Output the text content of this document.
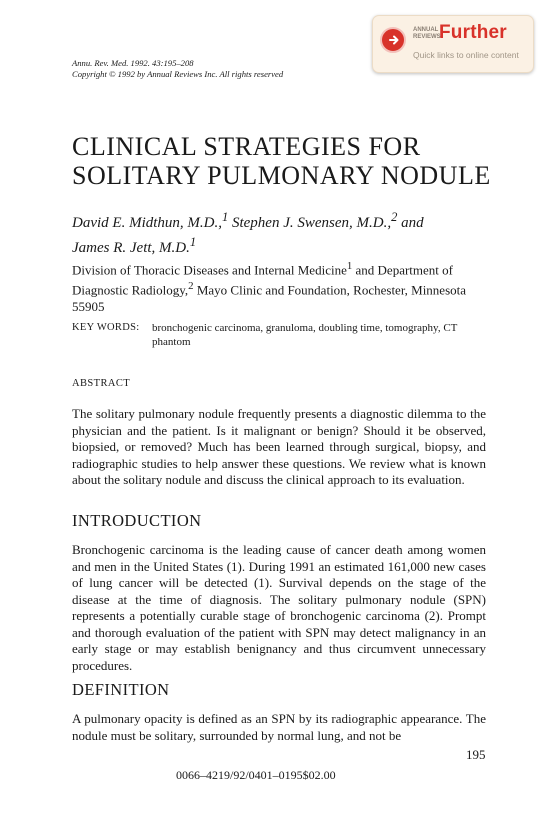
Annu. Rev. Med. 1992. 43:195–208
Copyright © 1992 by Annual Reviews Inc. All rights reserved
ANNUAL REVIEWS
Further
Quick links to online content
CLINICAL STRATEGIES FOR
SOLITARY PULMONARY NODULE
David E. Midthun, M.D.,$^1$ Stephen J. Swensen, M.D.,$^2$ and
James R. Jett, M.D.$^1$
Division of Thoracic Diseases and Internal Medicine$^1$ and Department of Diagnostic Radiology,$^2$ Mayo Clinic and Foundation, Rochester, Minnesota 55905
KEY WORDS: bronchogenic carcinoma, granuloma, doubling time, tomography, CT phantom
ABSTRACT
The solitary pulmonary nodule frequently presents a diagnostic dilemma to the physician and the patient. Is it malignant or benign? Should it be observed, biopsied, or removed? Much has been learned through surgical, biopsy, and radiographic studies to help answer these questions. We review what is known about the solitary nodule and discuss the clinical approach to its evaluation.
INTRODUCTION
Bronchogenic carcinoma is the leading cause of cancer death among women and men in the United States (1). During 1991 an estimated 161,000 new cases of lung cancer will be detected (1). Survival depends on the stage of the disease at the time of diagnosis. The solitary pulmonary nodule (SPN) represents a potentially curable stage of bronchogenic carcinoma (2). Prompt and thorough evaluation of the patient with SPN may detect malignancy in an early stage or may establish benignancy and thus circumvent unnecessary procedures.
DEFINITION
A pulmonary opacity is defined as an SPN by its radiographic appearance. The nodule must be solitary, surrounded by normal lung, and not be
195
0066–4219/92/0401–0195$02.00
